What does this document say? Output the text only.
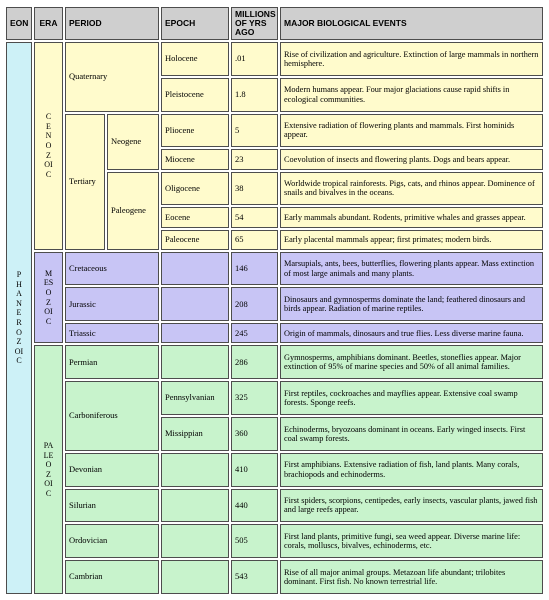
EON	ERA	PERIOD		EPOCH	MILLIONS OF YRS AGO	MAJOR BIOLOGICAL EVENTS
PHANEROZOIC	CENOZOIC	Quaternary		Holocene	.01	Rise of civilization and agriculture. Extinction of large mammals in northern hemisphere.
				Pleistocene	1.8	Modern humans appear. Four major glaciations cause rapid shifts in ecological communities.
		Tertiary	Neogene	Pliocene	5	Extensive radiation of flowering plants and mammals. First hominids appear.
				Miocene	23	Coevolution of insects and flowering plants. Dogs and bears appear.
			Paleogene	Oligocene	38	Worldwide tropical rainforests. Pigs, cats, and rhinos appear. Dominence of snails and bivalves in the oceans.
				Eocene	54	Early mammals abundant. Rodents, primitive whales and grasses appear.
				Paleocene	65	Early placental mammals appear; first primates; modern birds.
	MESOZOIC	Cretaceous			146	Marsupials, ants, bees, butterflies, flowering plants appear. Mass extinction of most large animals and many plants.
		Jurassic			208	Dinosaurs and gymnosperms dominate the land; feathered dinosaurs and birds appear. Radiation of marine reptiles.
		Triassic			245	Origin of mammals, dinosaurs and true flies. Less diverse marine fauna.
	PALEOZOIC	Permian			286	Gymnosperms, amphibians dominant. Beetles, stoneflies appear. Major extinction of 95% of marine species and 50% of all animal families.
		Carboniferous		Pennsylvanian	325	First reptiles, cockroaches and mayflies appear. Extensive coal swamp forests. Sponge reefs.
				Missippian	360	Echinoderms, bryozoans dominant in oceans. Early winged insects. First coal swamp forests.
		Devonian			410	First amphibians. Extensive radiation of fish, land plants. Many corals, brachiopods and echinoderms.
		Silurian			440	First spiders, scorpions, centipedes, early insects, vascular plants, jawed fish and large reefs appear.
		Ordovician			505	First land plants, primitive fungi, sea weed appear. Diverse marine life: corals, molluscs, bivalves, echinoderms, etc.
		Cambrian			543	Rise of all major animal groups. Metazoan life abundant; trilobites dominant. First fish. No known terrestrial life.
